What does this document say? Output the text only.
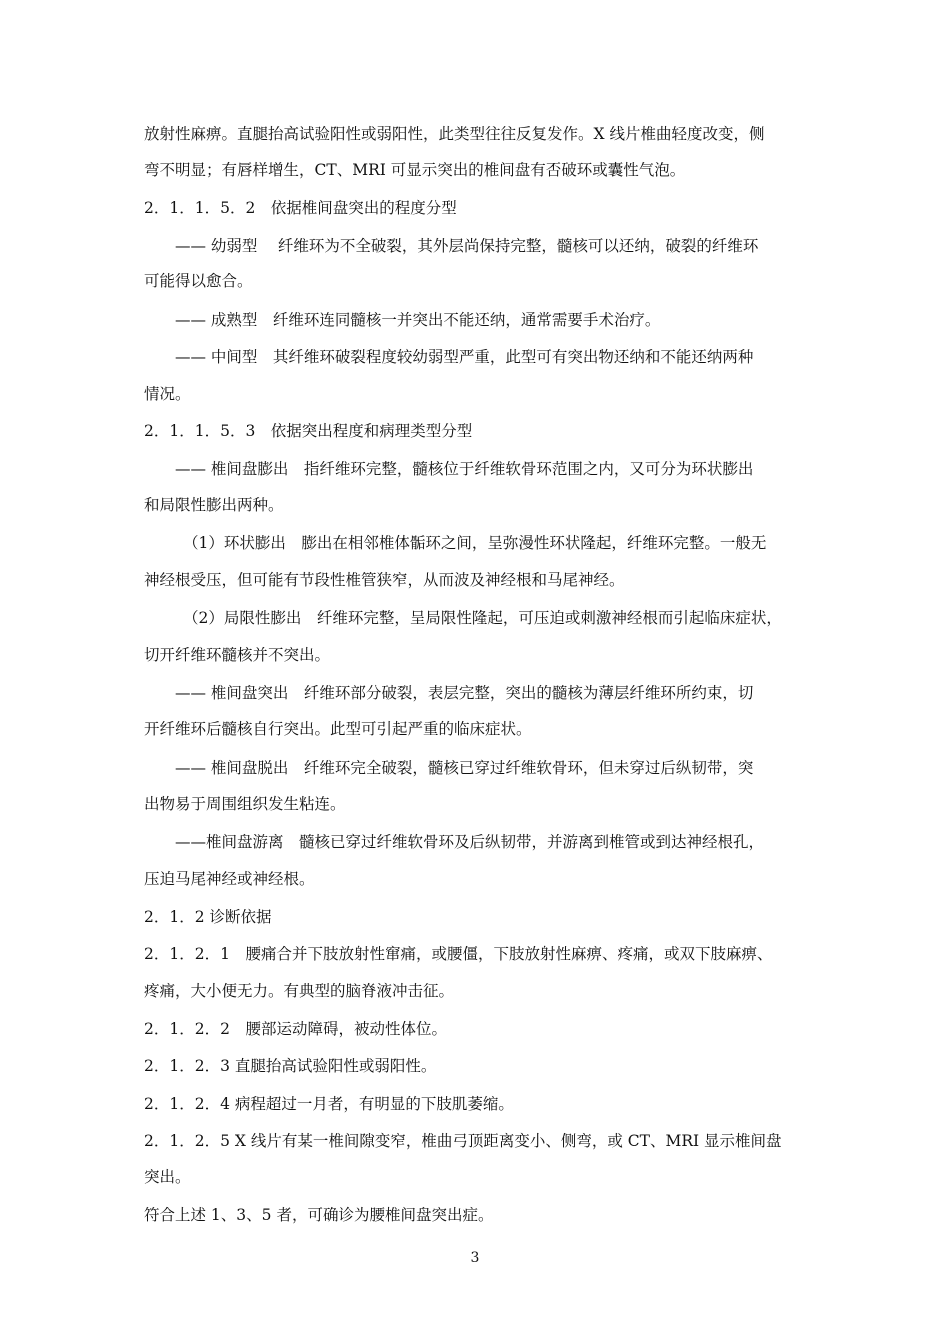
放射性麻痹。直腿抬高试验阳性或弱阳性，此类型往往反复发作。X 线片椎曲轻度改变，侧
弯不明显；有唇样增生，CT、MRI 可显示突出的椎间盘有否破环或囊性气泡。
2．1．1．5．2　依据椎间盘突出的程度分型
—— 幼弱型　 纤维环为不全破裂，其外层尚保持完整，髓核可以还纳，破裂的纤维环
可能得以愈合。
—— 成熟型　纤维环连同髓核一并突出不能还纳，通常需要手术治疗。
—— 中间型　其纤维环破裂程度较幼弱型严重，此型可有突出物还纳和不能还纳两种
情况。
2．1．1．5．3　依据突出程度和病理类型分型
—— 椎间盘膨出　指纤维环完整，髓核位于纤维软骨环范围之内，又可分为环状膨出
和局限性膨出两种。
（1）环状膨出　膨出在相邻椎体骺环之间，呈弥漫性环状隆起，纤维环完整。一般无
神经根受压，但可能有节段性椎管狭窄，从而波及神经根和马尾神经。
（2）局限性膨出　纤维环完整，呈局限性隆起，可压迫或刺激神经根而引起临床症状，
切开纤维环髓核并不突出。
—— 椎间盘突出　纤维环部分破裂，表层完整，突出的髓核为薄层纤维环所约束，切
开纤维环后髓核自行突出。此型可引起严重的临床症状。
—— 椎间盘脱出　纤维环完全破裂，髓核已穿过纤维软骨环，但未穿过后纵韧带，突
出物易于周围组织发生粘连。
——椎间盘游离　髓核已穿过纤维软骨环及后纵韧带，并游离到椎管或到达神经根孔，
压迫马尾神经或神经根。
2．1．2 诊断依据
2．1．2．1　腰痛合并下肢放射性窜痛，或腰僵，下肢放射性麻痹、疼痛，或双下肢麻痹、
疼痛，大小便无力。有典型的脑脊液冲击征。
2．1．2．2　腰部运动障碍，被动性体位。
2．1．2．3 直腿抬高试验阳性或弱阳性。
2．1．2．4 病程超过一月者，有明显的下肢肌萎缩。
2．1．2．5 X 线片有某一椎间隙变窄，椎曲弓顶距离变小、侧弯，或 CT、MRI 显示椎间盘
突出。
符合上述 1、3、5 者，可确诊为腰椎间盘突出症。
3
